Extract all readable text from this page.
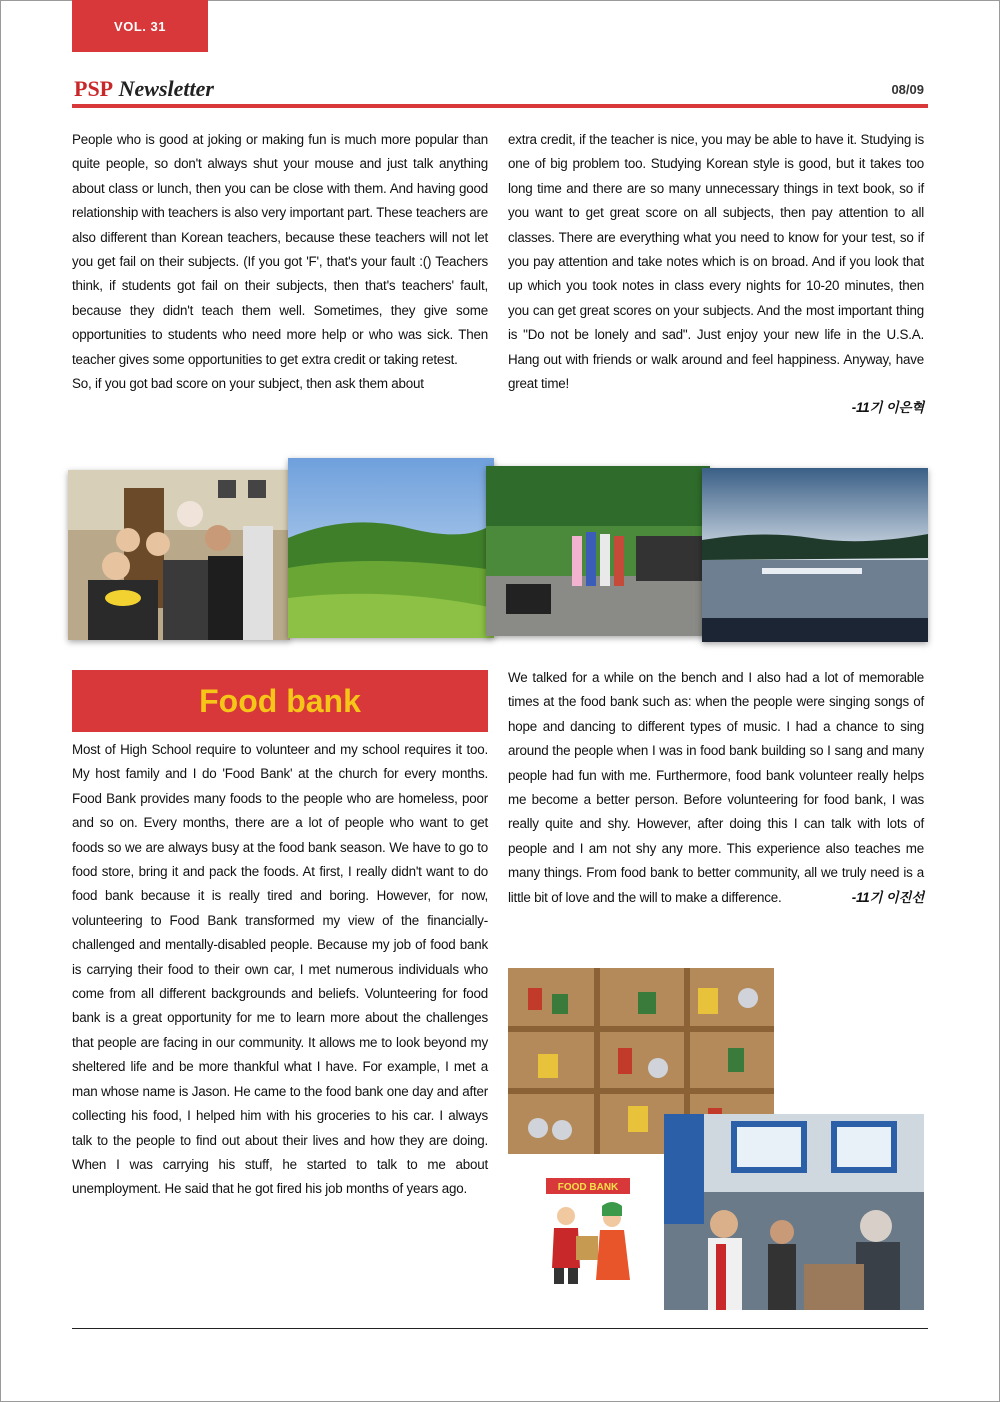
VOL. 31
PSP Newsletter	08/09

People who is good at joking or making fun is much more popular than quite people, so don't always shut your mouse and just talk anything about class or lunch, then you can be close with them. And having good relationship with teachers is also very important part. These teachers are also different than Korean teachers, because these teachers will not let you get fail on their subjects. (If you got 'F', that's your fault :() Teachers think, if students got fail on their subjects, then that's teachers' fault, because they didn't teach them well. Sometimes, they give some opportunities to students who need more help or who was sick. Then teacher gives some opportunities to get extra credit or taking retest.

So, if you got bad score on your subject, then ask them about

extra credit, if the teacher is nice, you may be able to have it. Studying is one of big problem too. Studying Korean style is good, but it takes too long time and there are so many unnecessary things in text book, so if you want to get great score on all subjects, then pay attention to all classes. There are everything what you need to know for your test, so if you pay attention and take notes which is on broad. And if you look that up which you took notes in class every nights for 10-20 minutes, then you can get great scores on your subjects. And the most important thing is "Do not be lonely and sad". Just enjoy your new life in the U.S.A. Hang out with friends or walk around and feel happiness. Anyway, have great time!

-11기 이은혁

Food bank

Most of High School require to volunteer and my school requires it too. My host family and I do 'Food Bank' at the church for every months. Food Bank provides many foods to the people who are homeless, poor and so on. Every months, there are a lot of people who want to get foods so we are always busy at the food bank season. We have to go to food store, bring it and pack the foods. At first, I really didn't want to do food bank because it is really tired and boring. However, for now, volunteering to Food Bank transformed my view of the financially-challenged and mentally-disabled people. Because my job of food bank is carrying their food to their own car, I met numerous individuals who come from all different backgrounds and beliefs. Volunteering for food bank is a great opportunity for me to learn more about the challenges that people are facing in our community. It allows me to look beyond my sheltered life and be more thankful what I have. For example, I met a man whose name is Jason. He came to the food bank one day and after collecting his food, I helped him with his groceries to his car. I always talk to the people to find out about their lives and how they are doing. When I was carrying his stuff, he started to talk to me about unemployment. He said that he got fired his job months of years ago.

We talked for a while on the bench and I also had a lot of memorable times at the food bank such as: when the people were singing songs of hope and dancing to different types of music. I had a chance to sing around the people when I was in food bank building so I sang and many people had fun with me. Furthermore, food bank volunteer really helps me become a better person. Before volunteering for food bank, I was really quite and shy. However, after doing this I can talk with lots of people and I am not shy any more. This experience also teaches me many things. From food bank to better community, all we truly need is a little bit of love and the will to make a difference.	-11기 이진선

FOOD BANK
